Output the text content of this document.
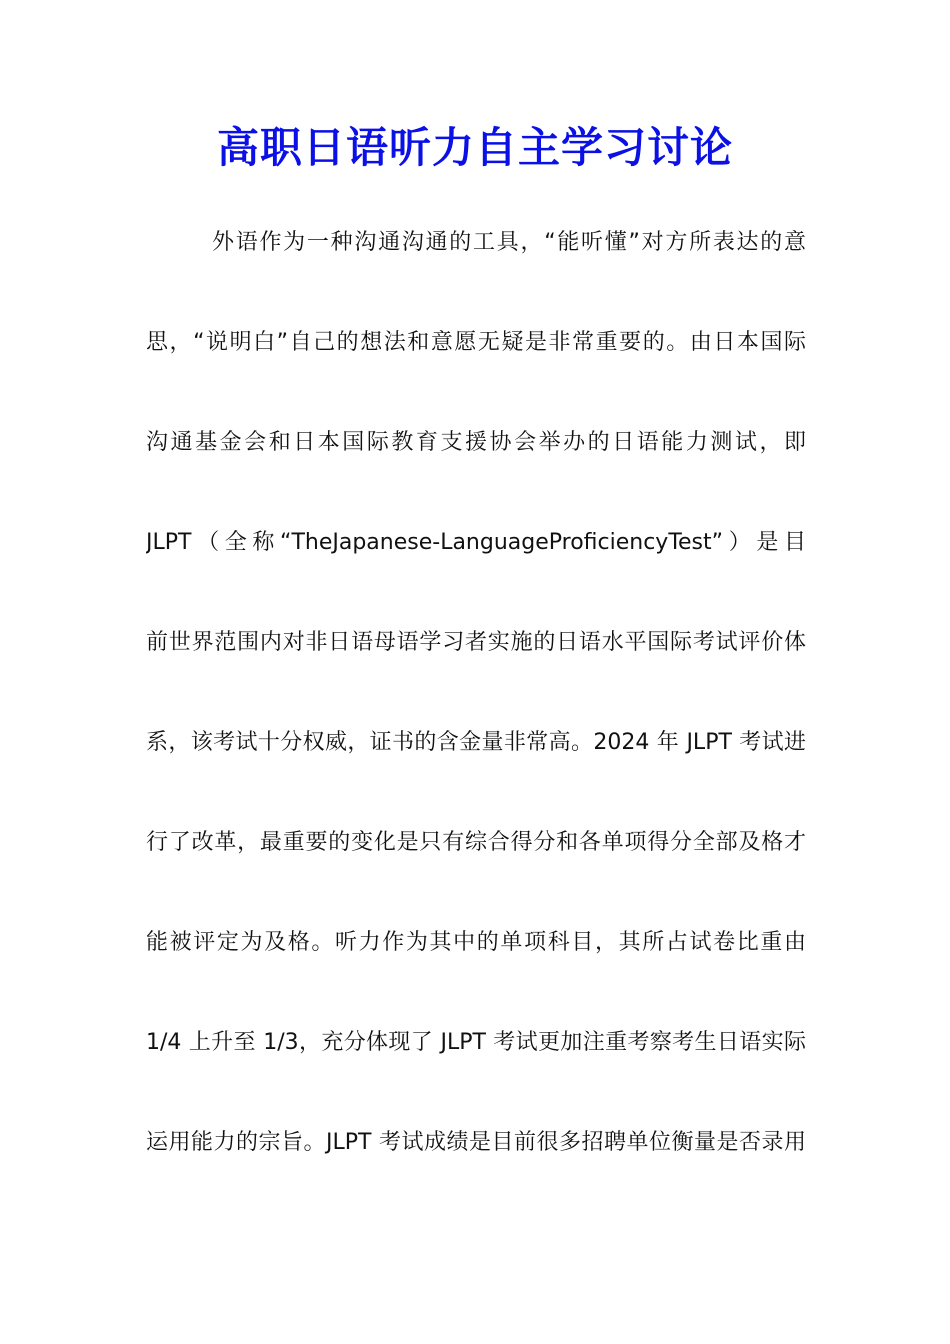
高职日语听力自主学习讨论
外语作为一种沟通沟通的工具，“能听懂”对方所表达的意
思，“说明白”自己的想法和意愿无疑是非常重要的。由日本国际
沟通基金会和日本国际教育支援协会举办的日语能力测试，即
JLPT（全称“TheJapanese-LanguageProficiencyTest”）是目
前世界范围内对非日语母语学习者实施的日语水平国际考试评价体
系，该考试十分权威，证书的含金量非常高。2024 年 JLPT 考试进
行了改革，最重要的变化是只有综合得分和各单项得分全部及格才
能被评定为及格。听力作为其中的单项科目，其所占试卷比重由
1/4 上升至 1/3，充分体现了 JLPT 考试更加注重考察考生日语实际
运用能力的宗旨。JLPT 考试成绩是目前很多招聘单位衡量是否录用
